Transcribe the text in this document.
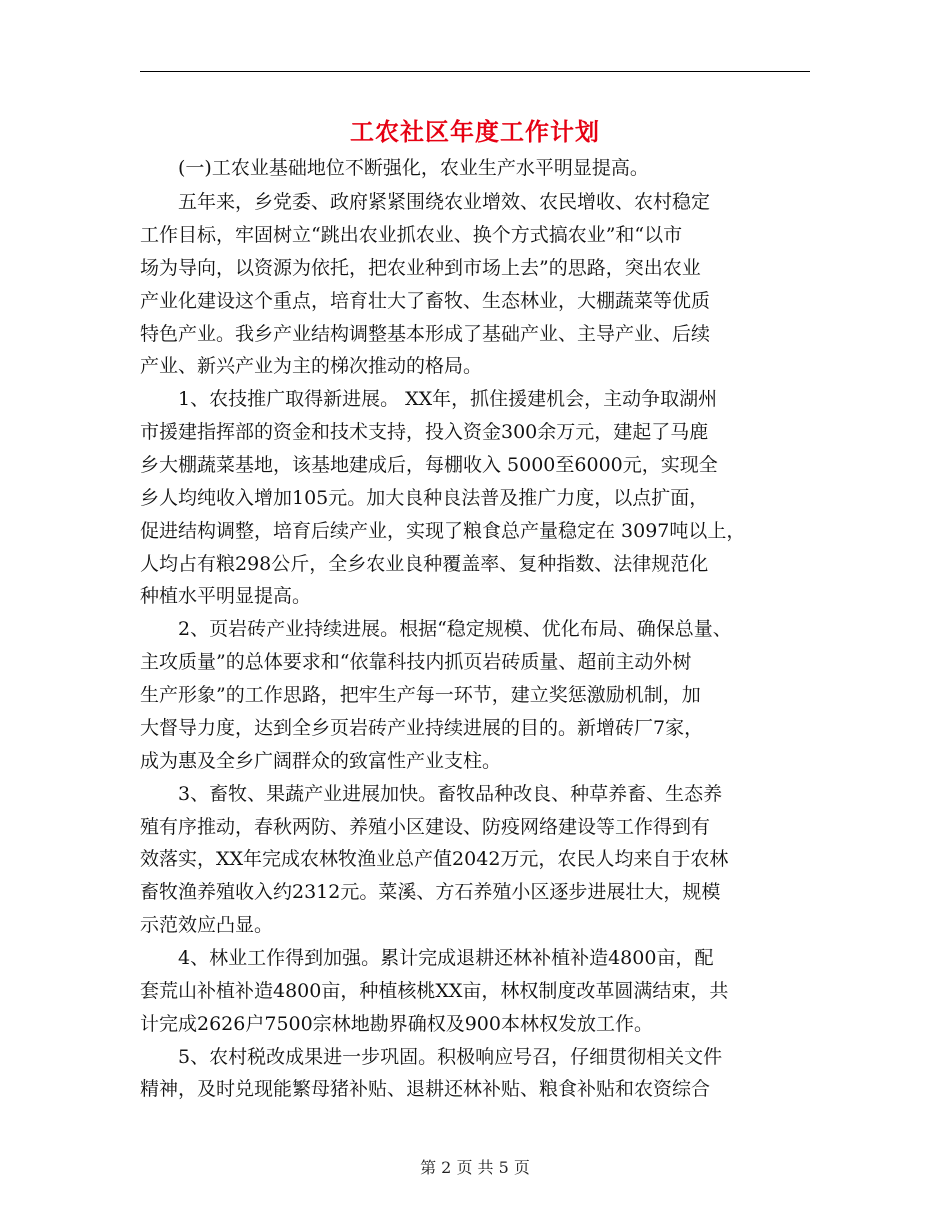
工农社区年度工作计划
(一)工农业基础地位不断强化，农业生产水平明显提高。
五年来，乡党委、政府紧紧围绕农业增效、农民增收、农村稳定
工作目标，牢固树立“跳出农业抓农业、换个方式搞农业”和“以市
场为导向，以资源为依托，把农业种到市场上去”的思路，突出农业
产业化建设这个重点，培育壮大了畜牧、生态林业，大棚蔬菜等优质
特色产业。我乡产业结构调整基本形成了基础产业、主导产业、后续
产业、新兴产业为主的梯次推动的格局。
1、农技推广取得新进展。 XX年，抓住援建机会，主动争取湖州
市援建指挥部的资金和技术支持，投入资金300余万元，建起了马鹿
乡大棚蔬菜基地，该基地建成后，每棚收入 5000至6000元，实现全
乡人均纯收入增加105元。加大良种良法普及推广力度，以点扩面，
促进结构调整，培育后续产业，实现了粮食总产量稳定在 3097吨以上，
人均占有粮298公斤，全乡农业良种覆盖率、复种指数、法律规范化
种植水平明显提高。
2、页岩砖产业持续进展。根据“稳定规模、优化布局、确保总量、
主攻质量”的总体要求和“依靠科技内抓页岩砖质量、超前主动外树
生产形象”的工作思路，把牢生产每一环节，建立奖惩激励机制，加
大督导力度，达到全乡页岩砖产业持续进展的目的。新增砖厂7家，
成为惠及全乡广阔群众的致富性产业支柱。
3、畜牧、果蔬产业进展加快。畜牧品种改良、种草养畜、生态养
殖有序推动，春秋两防、养殖小区建设、防疫网络建设等工作得到有
效落实，XX年完成农林牧渔业总产值2042万元，农民人均来自于农林
畜牧渔养殖收入约2312元。菜溪、方石养殖小区逐步进展壮大，规模
示范效应凸显。
4、林业工作得到加强。累计完成退耕还林补植补造4800亩，配
套荒山补植补造4800亩，种植核桃XX亩，林权制度改革圆满结束，共
计完成2626户7500宗林地勘界确权及900本林权发放工作。
5、农村税改成果进一步巩固。积极响应号召，仔细贯彻相关文件
精神，及时兑现能繁母猪补贴、退耕还林补贴、粮食补贴和农资综合
第 2 页 共 5 页
